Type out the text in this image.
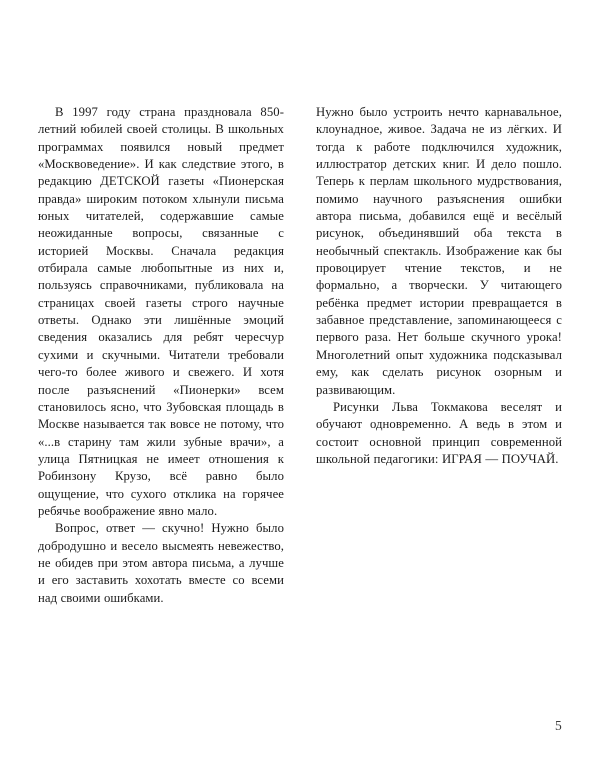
В 1997 году страна праздновала 850-летний юбилей своей столицы. В школьных программах появился новый предмет «Москвоведение». И как следствие этого, в редакцию ДЕТСКОЙ газеты «Пионерская правда» широким потоком хлынули письма юных читателей, содержавшие самые неожиданные вопросы, связанные с историей Москвы. Сначала редакция отбирала самые любопытные из них и, пользуясь справочниками, публиковала на страницах своей газеты строго научные ответы. Однако эти лишённые эмоций сведения оказались для ребят чересчур сухими и скучными. Читатели требовали чего-то более живого и свежего. И хотя после разъяснений «Пионерки» всем становилось ясно, что Зубовская площадь в Москве называется так вовсе не потому, что «...в старину там жили зубные врачи», а улица Пятницкая не имеет отношения к Робинзону Крузо, всё равно было ощущение, что сухого отклика на горячее ребячье воображение явно мало.

Вопрос, ответ — скучно! Нужно было добродушно и весело высмеять невежество, не обидев при этом автора письма, а лучше и его заставить хохотать вместе со всеми над своими ошибками.

Нужно было устроить нечто карнавальное, клоунадное, живое. Задача не из лёгких. И тогда к работе подключился художник, иллюстратор детских книг. И дело пошло. Теперь к перлам школьного мудрствования, помимо научного разъяснения ошибки автора письма, добавился ещё и весёлый рисунок, объединявший оба текста в необычный спектакль. Изображение как бы провоцирует чтение текстов, и не формально, а творчески. У читающего ребёнка предмет истории превращается в забавное представление, запоминающееся с первого раза. Нет больше скучного урока! Многолетний опыт художника подсказывал ему, как сделать рисунок озорным и развивающим.

Рисунки Льва Токмакова веселят и обучают одновременно. А ведь в этом и состоит основной принцип современной школьной педагогики: ИГРАЯ — ПОУЧАЙ.

5
